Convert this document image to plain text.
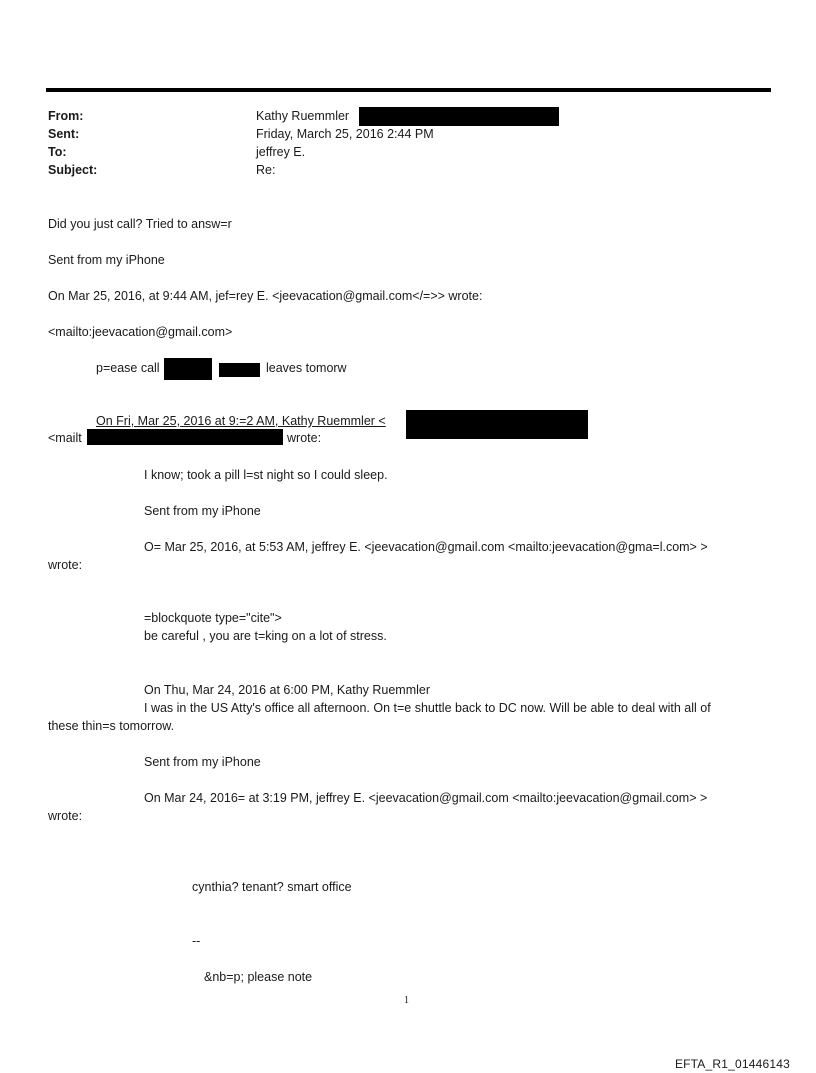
From:	Kathy Ruemmler
Sent:	Friday, March 25, 2016 2:44 PM
To:	jeffrey E.
Subject:	Re:
Did you just call? Tried to answ=r
Sent from my iPhone
On Mar 25, 2016, at 9:44 AM, jef=rey E. <jeevacation@gmail.com</=>> wrote:
<mailto:jeevacation@gmail.com>
p=ease call	leaves tomorw
On Fri, Mar 25, 2016 at 9:=2 AM, Kathy Ruemmler <
<mailt	wrote:
I know; took a pill l=st night so I could sleep.
Sent from my iPhone
O= Mar 25, 2016, at 5:53 AM, jeffrey E. <jeevacation@gmail.com <mailto:jeevacation@gma=l.com> >
wrote:
=blockquote type="cite">
be careful , you are t=king on a lot of stress.
On Thu, Mar 24, 2016 at 6:00 PM, Kathy Ruemmler
I was in the US Atty's office all afternoon. On t=e shuttle back to DC now. Will be able to deal with all of
these thin=s tomorrow.
Sent from my iPhone
On Mar 24, 2016= at 3:19 PM, jeffrey E. <jeevacation@gmail.com <mailto:jeevacation@gmail.com> >
wrote:
cynthia? tenant? smart office
--
&nb=p; please note
1
EFTA_R1_01446143
